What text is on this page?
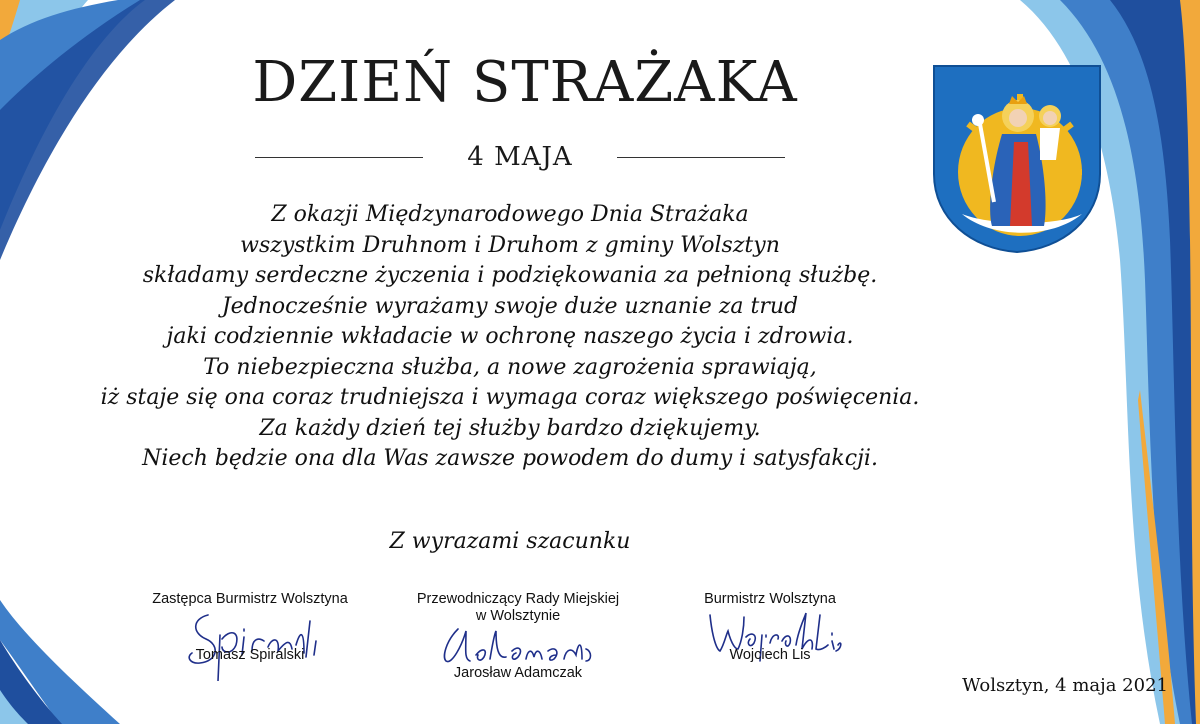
DZIEŃ STRAŻAKA
4 MAJA

Z okazji Międzynarodowego Dnia Strażaka

wszystkim Druhnom i Druhom z gminy Wolsztyn

składamy serdeczne życzenia i podziękowania za pełnioną służbę.

Jednocześnie wyrażamy swoje duże uznanie za trud

jaki codziennie wkładacie w ochronę naszego życia i zdrowia.

To niebezpieczna służba, a nowe zagrożenia sprawiają,

iż staje się ona coraz trudniejsza i wymaga coraz większego poświęcenia.

Za każdy dzień tej służby bardzo dziękujemy.

Niech będzie ona dla Was zawsze powodem do dumy i satysfakcji.

Z wyrazami szacunku

Zastępca Burmistrz Wolsztyna
Tomasz Spiralski
Przewodniczący Rady Miejskiej
w Wolsztynie
Jarosław Adamczak
Burmistrz Wolsztyna
Wojciech Lis
Wolsztyn, 4 maja 2021
